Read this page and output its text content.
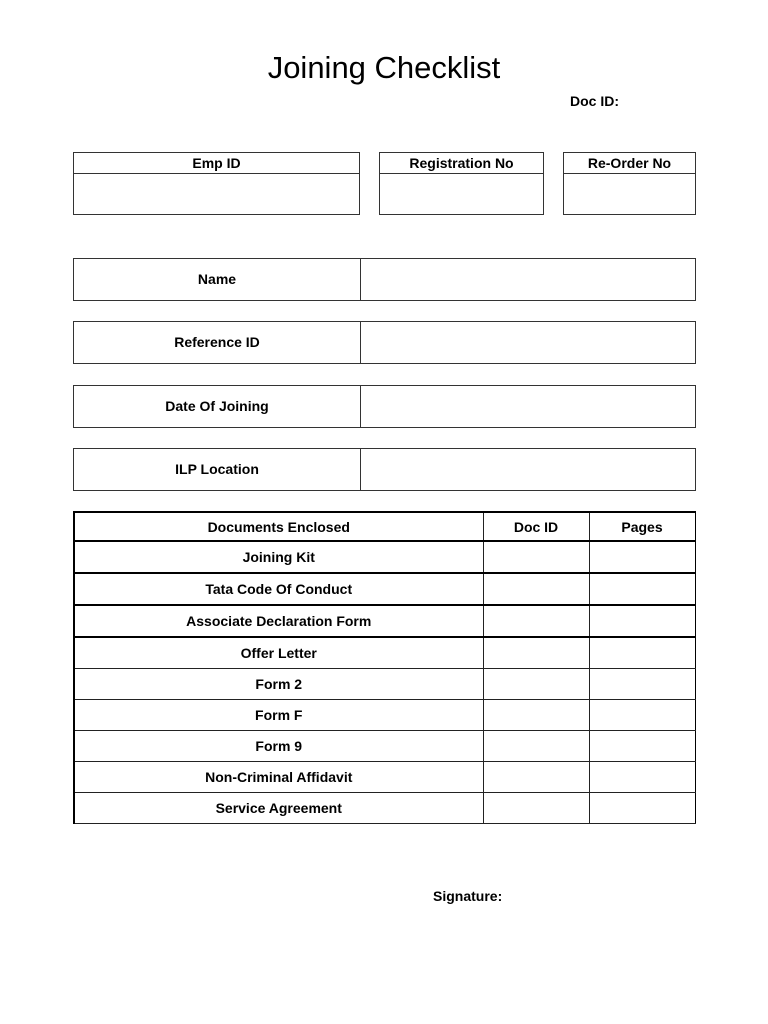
Joining Checklist
Doc ID:
Emp ID	Registration No	Re-Order No
Name
Reference ID
Date Of Joining
ILP Location
Documents Enclosed	Doc ID	Pages
Joining Kit		
Tata Code Of Conduct		
Associate Declaration Form		
Offer Letter		
Form 2		
Form F		
Form 9		
Non-Criminal Affidavit		
Service Agreement		
Signature:
